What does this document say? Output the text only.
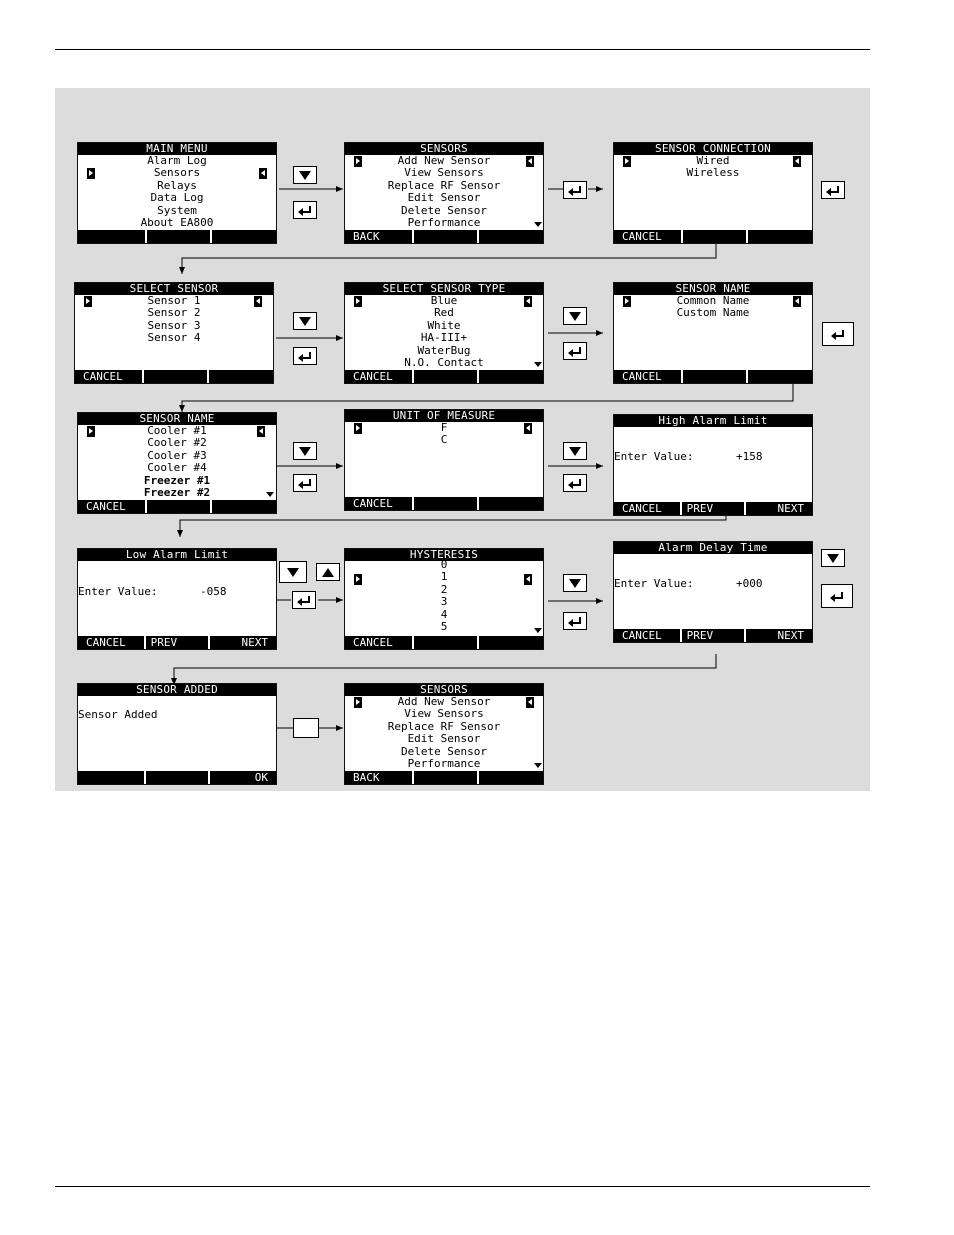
MAIN MENU
Alarm Log
Sensors
Relays
Data Log
System
About EA800
SENSORS
Add New Sensor
View Sensors
Replace RF Sensor
Edit Sensor
Delete Sensor
Performance
BACK
SENSOR CONNECTION
Wired
Wireless
CANCEL
SELECT SENSOR
Sensor 1
Sensor 2
Sensor 3
Sensor 4
CANCEL
SELECT SENSOR TYPE
Blue
Red
White
HA-III+
WaterBug
N.O. Contact
CANCEL
SENSOR NAME
Common Name
Custom Name
CANCEL
SENSOR NAME
Cooler #1
Cooler #2
Cooler #3
Cooler #4
Freezer #1
Freezer #2
CANCEL
UNIT OF MEASURE
F
C
CANCEL
High Alarm Limit
Enter Value:	+158
CANCEL	PREV	NEXT
Low Alarm Limit
Enter Value:	-058
CANCEL	PREV	NEXT
HYSTERESIS
0
1
2
3
4
5
CANCEL
Alarm Delay Time
Enter Value:	+000
CANCEL	PREV	NEXT
SENSOR ADDED
Sensor Added
OK
SENSORS
Add New Sensor
View Sensors
Replace RF Sensor
Edit Sensor
Delete Sensor
Performance
BACK
